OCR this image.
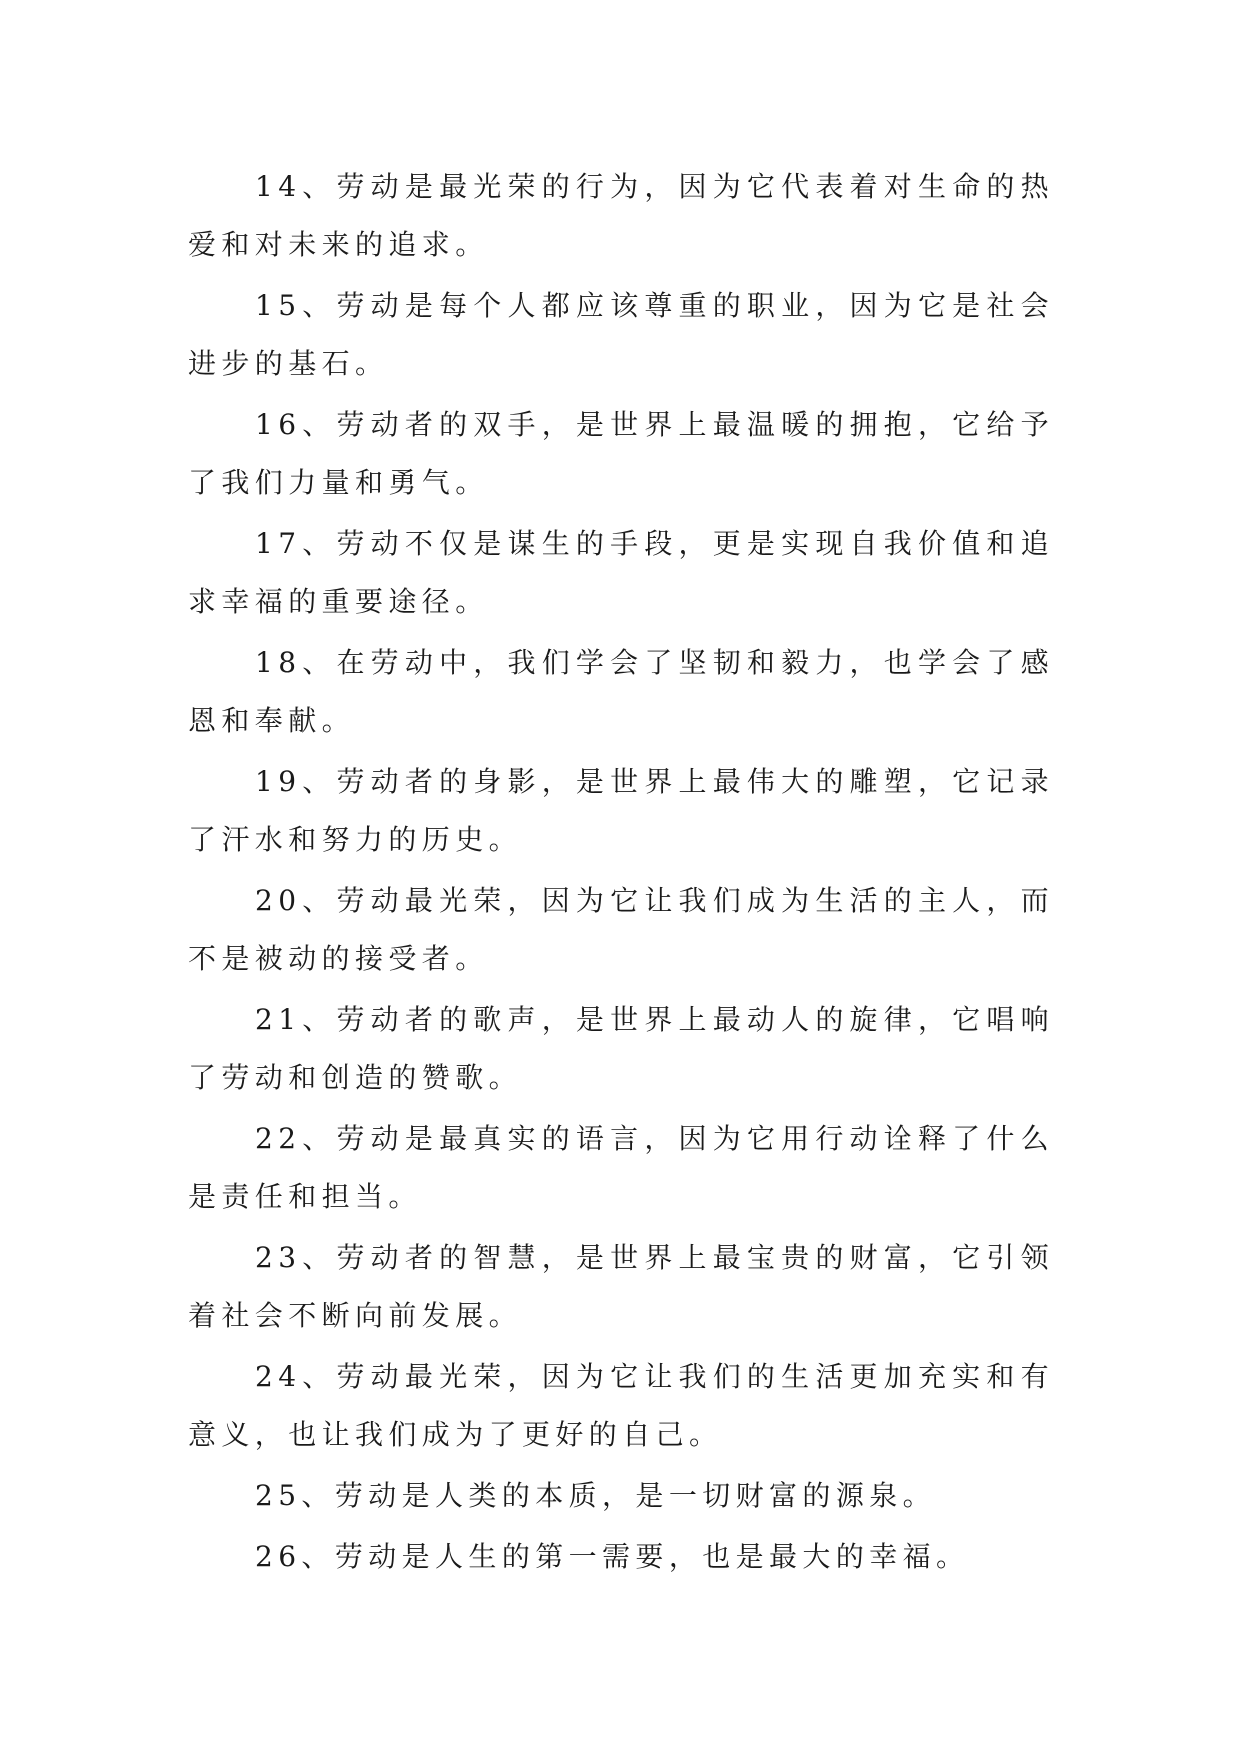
14、劳动是最光荣的行为，因为它代表着对生命的热爱和对未来的追求。

15、劳动是每个人都应该尊重的职业，因为它是社会进步的基石。

16、劳动者的双手，是世界上最温暖的拥抱，它给予了我们力量和勇气。

17、劳动不仅是谋生的手段，更是实现自我价值和追求幸福的重要途径。

18、在劳动中，我们学会了坚韧和毅力，也学会了感恩和奉献。

19、劳动者的身影，是世界上最伟大的雕塑，它记录了汗水和努力的历史。

20、劳动最光荣，因为它让我们成为生活的主人，而不是被动的接受者。

21、劳动者的歌声，是世界上最动人的旋律，它唱响了劳动和创造的赞歌。

22、劳动是最真实的语言，因为它用行动诠释了什么是责任和担当。

23、劳动者的智慧，是世界上最宝贵的财富，它引领着社会不断向前发展。

24、劳动最光荣，因为它让我们的生活更加充实和有意义，也让我们成为了更好的自己。

25、劳动是人类的本质，是一切财富的源泉。

26、劳动是人生的第一需要，也是最大的幸福。
